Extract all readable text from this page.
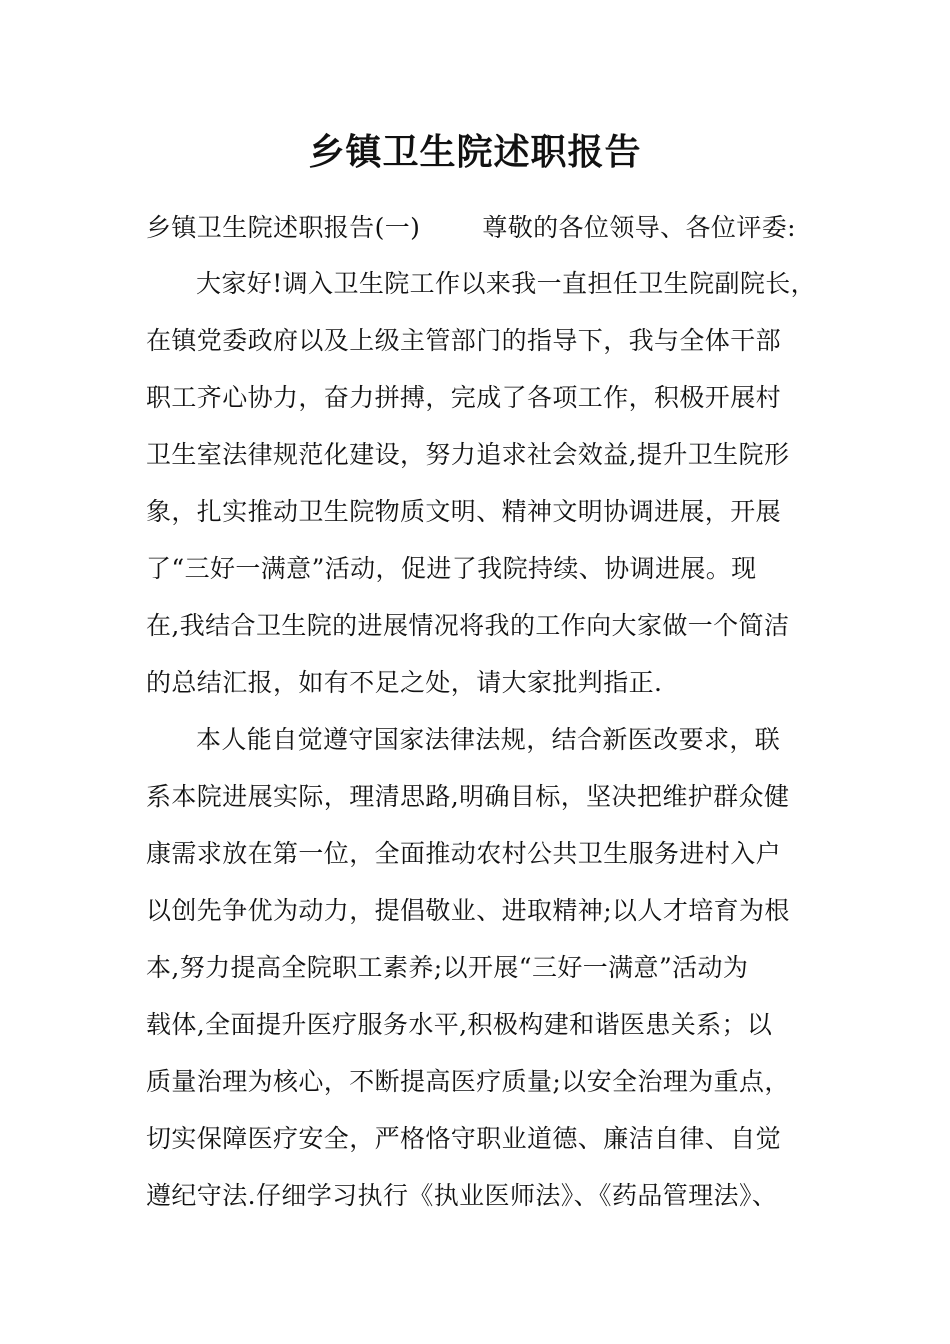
乡镇卫生院述职报告
乡镇卫生院述职报告(一) 尊敬的各位领导、各位评委:
大家好!调入卫生院工作以来我一直担任卫生院副院长，
在镇党委政府以及上级主管部门的指导下，我与全体干部
职工齐心协力，奋力拼搏，完成了各项工作，积极开展村
卫生室法律规范化建设，努力追求社会效益,提升卫生院形
象，扎实推动卫生院物质文明、精神文明协调进展，开展
了“三好一满意”活动，促进了我院持续、协调进展。现
在,我结合卫生院的进展情况将我的工作向大家做一个简洁
的总结汇报，如有不足之处，请大家批判指正.
本人能自觉遵守国家法律法规，结合新医改要求，联
系本院进展实际，理清思路,明确目标，坚决把维护群众健
康需求放在第一位，全面推动农村公共卫生服务进村入户
以创先争优为动力，提倡敬业、进取精神;以人才培育为根
本,努力提高全院职工素养;以开展“三好一满意”活动为
载体,全面提升医疗服务水平,积极构建和谐医患关系；以
质量治理为核心，不断提高医疗质量;以安全治理为重点，
切实保障医疗安全，严格恪守职业道德、廉洁自律、自觉
遵纪守法.仔细学习执行《执业医师法》、《药品管理法》、
